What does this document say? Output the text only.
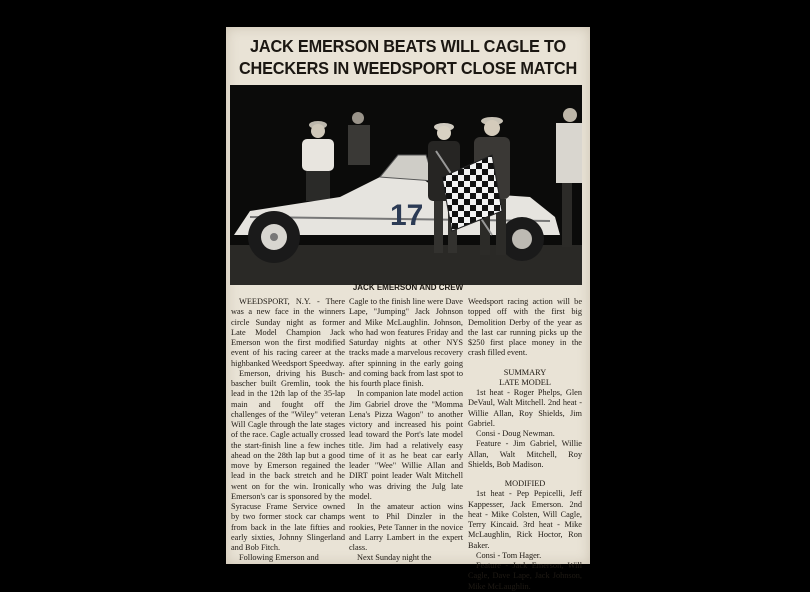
JACK EMERSON BEATS WILL CAGLE TO
CHECKERS IN WEEDSPORT CLOSE MATCH
17
JACK EMERSON AND CREW

WEEDSPORT, N.Y. - There was a new face in the winners circle Sunday night as former Late Model Champion Jack Emerson won the first modified event of his racing career at the highbanked Weedsport Speedway.

Emerson, driving his Busch-bascher built Gremlin, took the lead in the 12th lap of the 35-lap main and fought off the challenges of the "Wiley" veteran Will Cagle through the late stages of the race. Cagle actually crossed the start-finish line a few inches ahead on the 28th lap but a good move by Emerson regained the lead in the back stretch and he went on for the win. Ironically Emerson's car is sponsored by the Syracuse Frame Service owned by two former stock car champs from back in the late fifties and early sixties, Johnny Slingerland and Bob Fitch.

Following Emerson and

Cagle to the finish line were Dave Lape, "Jumping" Jack Johnson and Mike McLaughlin. Johnson, who had won features Friday and Saturday nights at other NYS tracks made a marvelous recovery after spinning in the early going and coming back from last spot to his fourth place finish.

In companion late model action Jim Gabriel drove the "Momma Lena's Pizza Wagon" to another victory and increased his point lead toward the Port's late model title. Jim had a relatively easy time of it as he beat car early leader "Wee" Willie Allan and DIRT point leader Walt Mitchell who was driving the Julg late model.

In the amateur action wins went to Phil Dinzler in the rookies, Pete Tanner in the novice and Larry Lambert in the expert class.

Next Sunday night the

Weedsport racing action will be topped off with the first big Demolition Derby of the year as the last car running picks up the $250 first place money in the crash filled event.

SUMMARY

LATE MODEL

1st heat - Roger Phelps, Glen DeVaul, Walt Mitchell. 2nd heat - Willie Allan, Roy Shields, Jim Gabriel.

Consi - Doug Newman.

Feature - Jim Gabriel, Willie Allan, Walt Mitchell, Roy Shields, Bob Madison.

MODIFIED

1st heat - Pep Pepicelli, Jeff Kappesser, Jack Emerson. 2nd heat - Mike Colsten, Will Cagle, Terry Kincaid. 3rd heat - Mike McLaughlin, Rick Hoctor, Ron Baker.

Consi - Tom Hager.

Feature - Jack Emerson, Will Cagle, Dave Lape, Jack Johnson, Mike McLaughlin.
